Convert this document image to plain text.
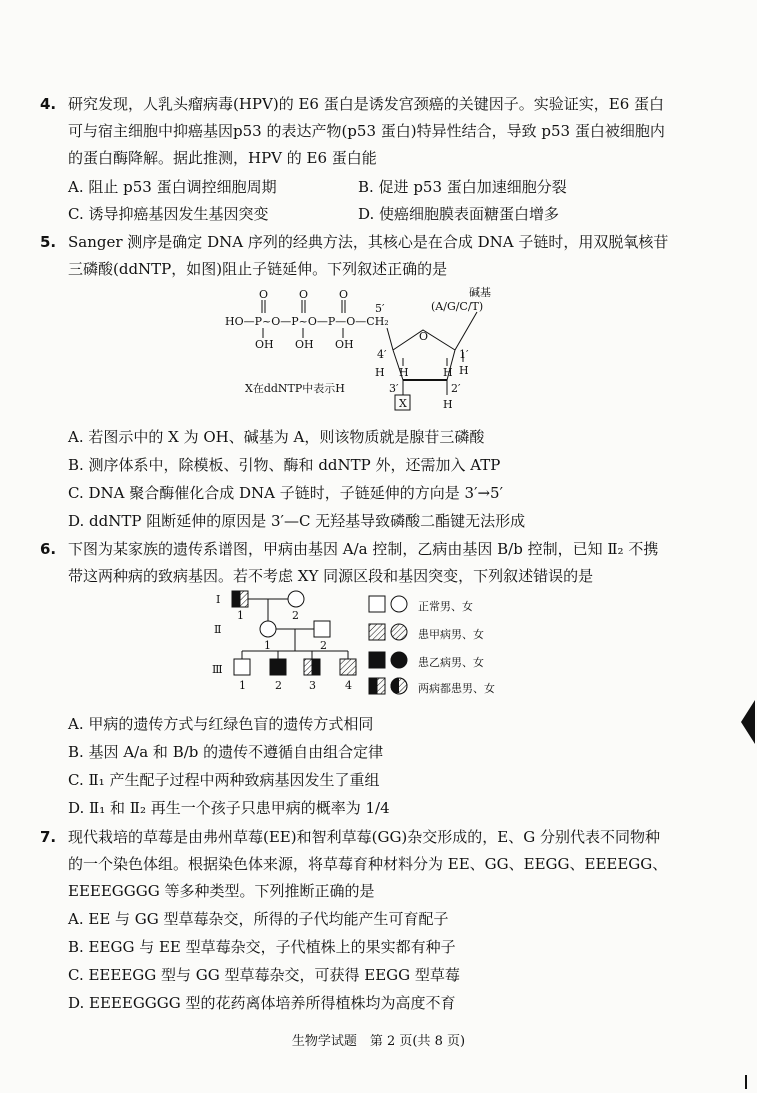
4. 研究发现，人乳头瘤病毒(HPV)的 E6 蛋白是诱发宫颈癌的关键因子。实验证实，E6 蛋白
可与宿主细胞中抑癌基因p53 的表达产物(p53 蛋白)特异性结合，导致 p53 蛋白被细胞内
的蛋白酶降解。据此推测，HPV 的 E6 蛋白能
A. 阻止 p53 蛋白调控细胞周期	B. 促进 p53 蛋白加速细胞分裂
C. 诱导抑癌基因发生基因突变	D. 使癌细胞膜表面糖蛋白增多
5. Sanger 测序是确定 DNA 序列的经典方法，其核心是在合成 DNA 子链时，用双脱氧核苷
三磷酸(ddNTP，如图)阻止子链延伸。下列叙述正确的是
O	O	O
HO—P~O—P~O—P—O—CH₂
OH OH OH
5′
碱基
(A/G/C/T)
O
4′	1′
H H	H H
3′	2′
X	H
X在ddNTP中表示H
A. 若图示中的 X 为 OH、碱基为 A，则该物质就是腺苷三磷酸
B. 测序体系中，除模板、引物、酶和 ddNTP 外，还需加入 ATP
C. DNA 聚合酶催化合成 DNA 子链时，子链延伸的方向是 3′→5′
D. ddNTP 阻断延伸的原因是 3′—C 无羟基导致磷酸二酯键无法形成
6. 下图为某家族的遗传系谱图，甲病由基因 A/a 控制，乙病由基因 B/b 控制，已知 Ⅱ₂ 不携
带这两种病的致病基因。若不考虑 XY 同源区段和基因突变，下列叙述错误的是
Ⅰ
1	2
Ⅱ
1	2
Ⅲ
1	2 3	4
正常男、女
患甲病男、女
患乙病男、女
两病都患男、女
A. 甲病的遗传方式与红绿色盲的遗传方式相同
B. 基因 A/a 和 B/b 的遗传不遵循自由组合定律
C. Ⅱ₁ 产生配子过程中两种致病基因发生了重组
D. Ⅱ₁ 和 Ⅱ₂ 再生一个孩子只患甲病的概率为 1/4
7. 现代栽培的草莓是由弗州草莓(EE)和智利草莓(GG)杂交形成的，E、G 分别代表不同物种
的一个染色体组。根据染色体来源，将草莓育种材料分为 EE、GG、EEGG、EEEEGG、
EEEEGGGG 等多种类型。下列推断正确的是
A. EE 与 GG 型草莓杂交，所得的子代均能产生可育配子
B. EEGG 与 EE 型草莓杂交，子代植株上的果实都有种子
C. EEEEGG 型与 GG 型草莓杂交，可获得 EEGG 型草莓
D. EEEEGGGG 型的花药离体培养所得植株均为高度不育
生物学试题　第 2 页(共 8 页)
